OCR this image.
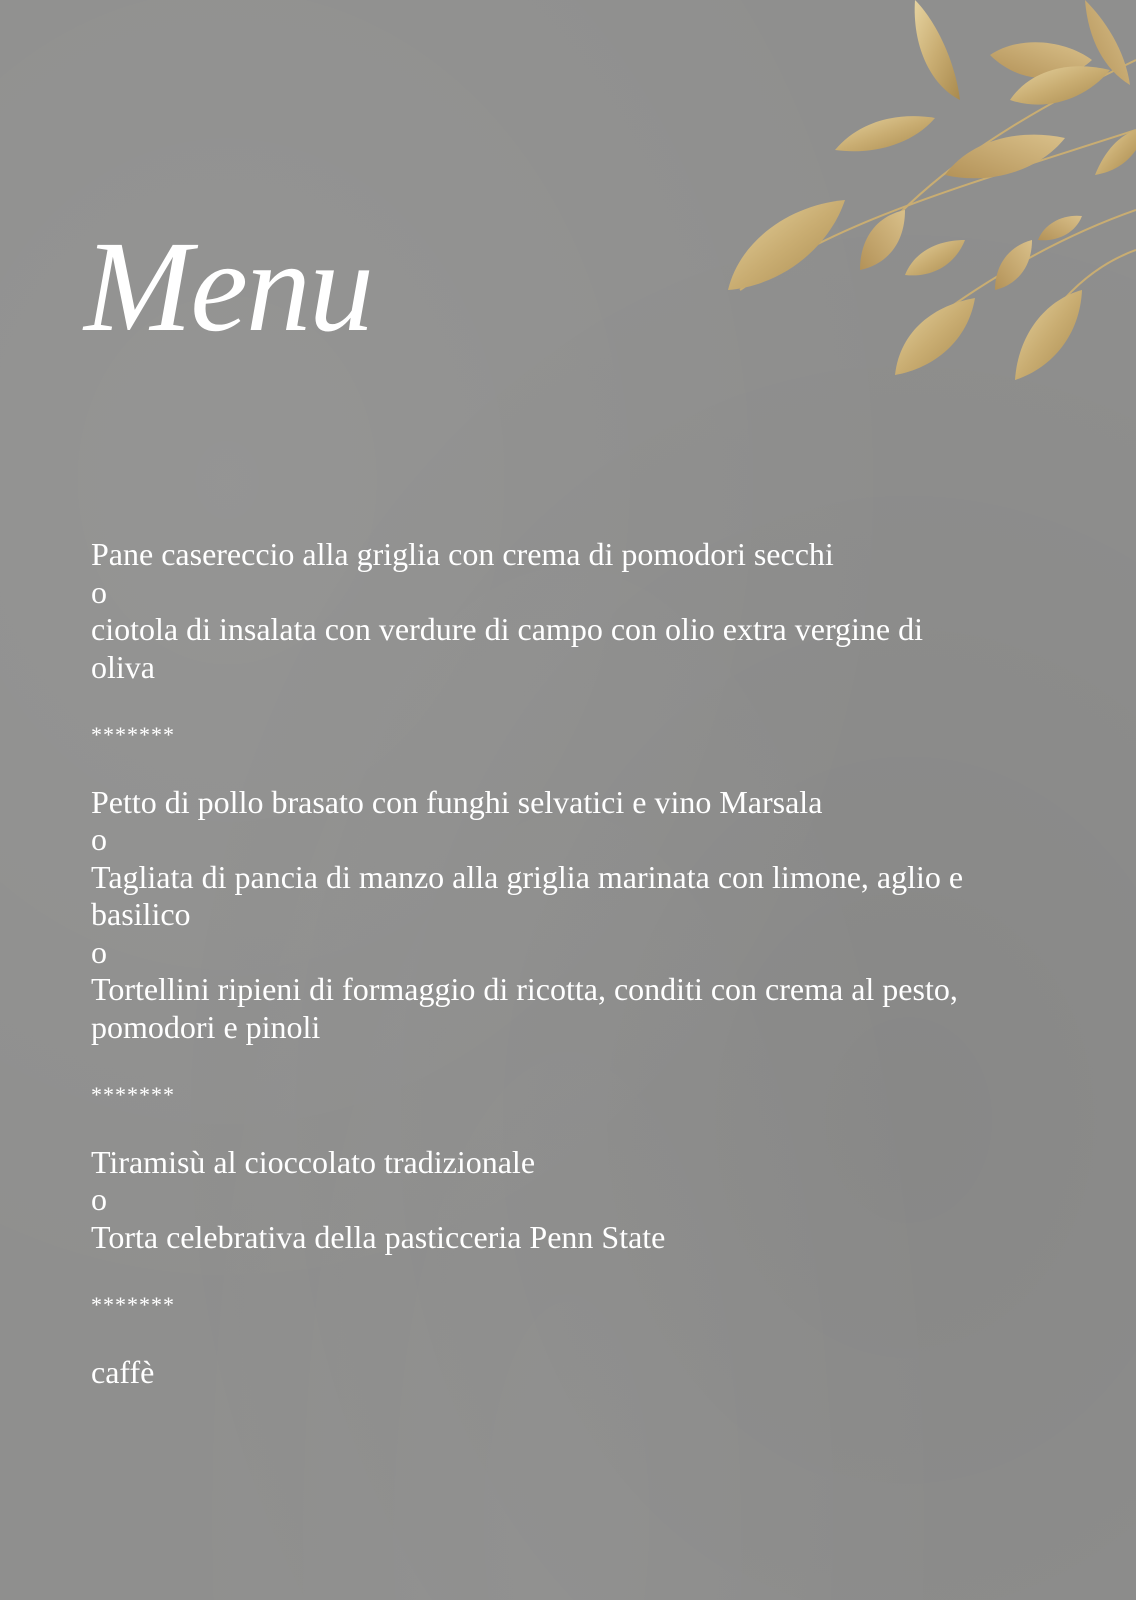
Menu
Pane casereccio alla griglia con crema di pomodori secchi
o
ciotola di insalata con verdure di campo con olio extra vergine di
oliva
*******
Petto di pollo brasato con funghi selvatici e vino Marsala
o
Tagliata di pancia di manzo alla griglia marinata con limone, aglio e
basilico
o
Tortellini ripieni di formaggio di ricotta, conditi con crema al pesto,
pomodori e pinoli
*******
Tiramisù al cioccolato tradizionale
o
Torta celebrativa della pasticceria Penn State
*******
caffè
